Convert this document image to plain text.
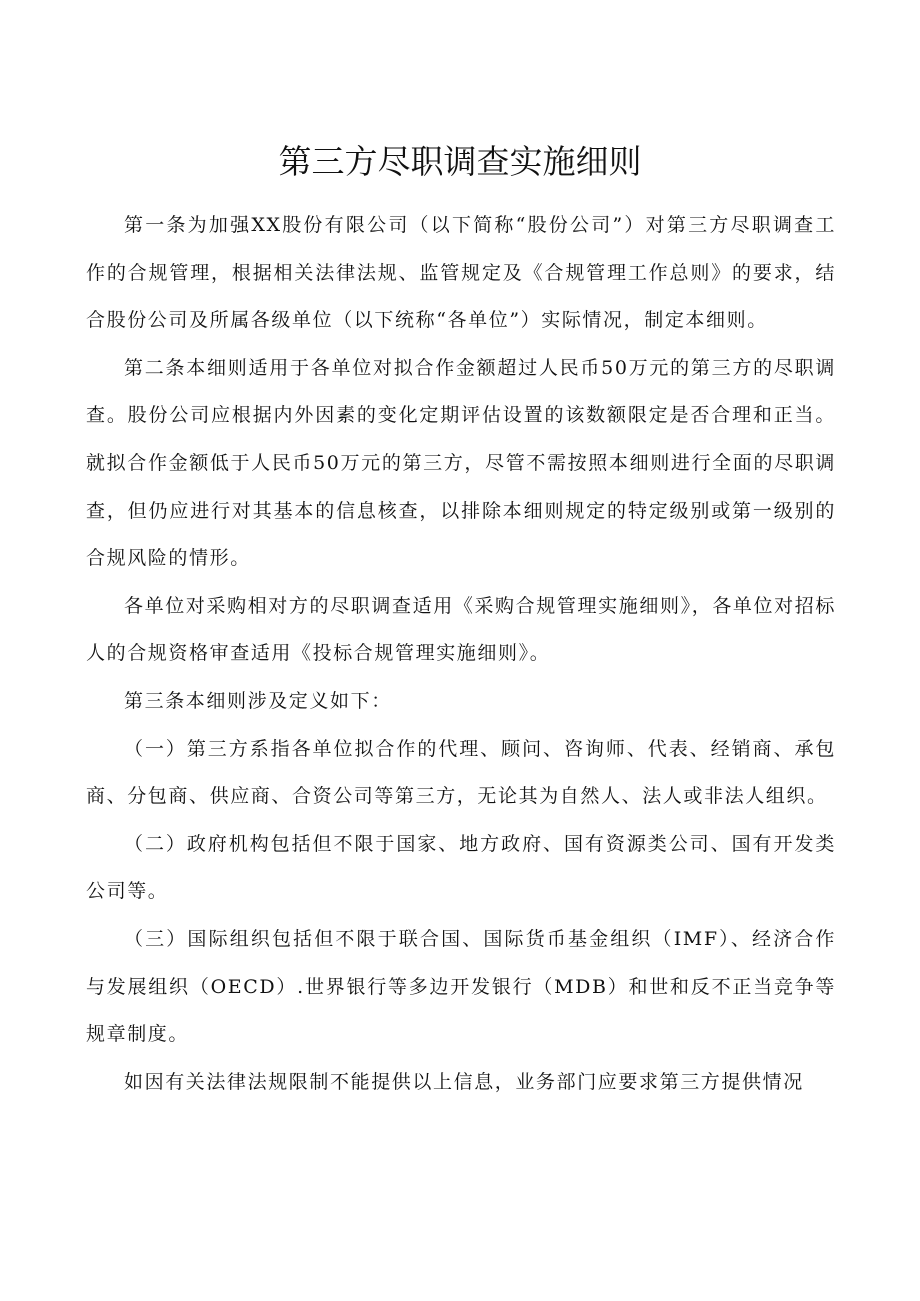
第三方尽职调查实施细则

第一条为加强XX股份有限公司（以下简称“股份公司”）对第三方尽职调查工作的合规管理，根据相关法律法规、监管规定及《合规管理工作总则》的要求，结合股份公司及所属各级单位（以下统称“各单位”）实际情况，制定本细则。

第二条本细则适用于各单位对拟合作金额超过人民币50万元的第三方的尽职调查。股份公司应根据内外因素的变化定期评估设置的该数额限定是否合理和正当。就拟合作金额低于人民币50万元的第三方，尽管不需按照本细则进行全面的尽职调查，但仍应进行对其基本的信息核查，以排除本细则规定的特定级别或第一级别的合规风险的情形。

各单位对采购相对方的尽职调查适用《采购合规管理实施细则》，各单位对招标人的合规资格审查适用《投标合规管理实施细则》。

第三条本细则涉及定义如下：

（一）第三方系指各单位拟合作的代理、顾问、咨询师、代表、经销商、承包商、分包商、供应商、合资公司等第三方，无论其为自然人、法人或非法人组织。

（二）政府机构包括但不限于国家、地方政府、国有资源类公司、国有开发类公司等。

（三）国际组织包括但不限于联合国、国际货币基金组织（IMF）、经济合作与发展组织（OECD）.世界银行等多边开发银行（MDB）和世和反不正当竞争等规章制度。

如因有关法律法规限制不能提供以上信息，业务部门应要求第三方提供情况
